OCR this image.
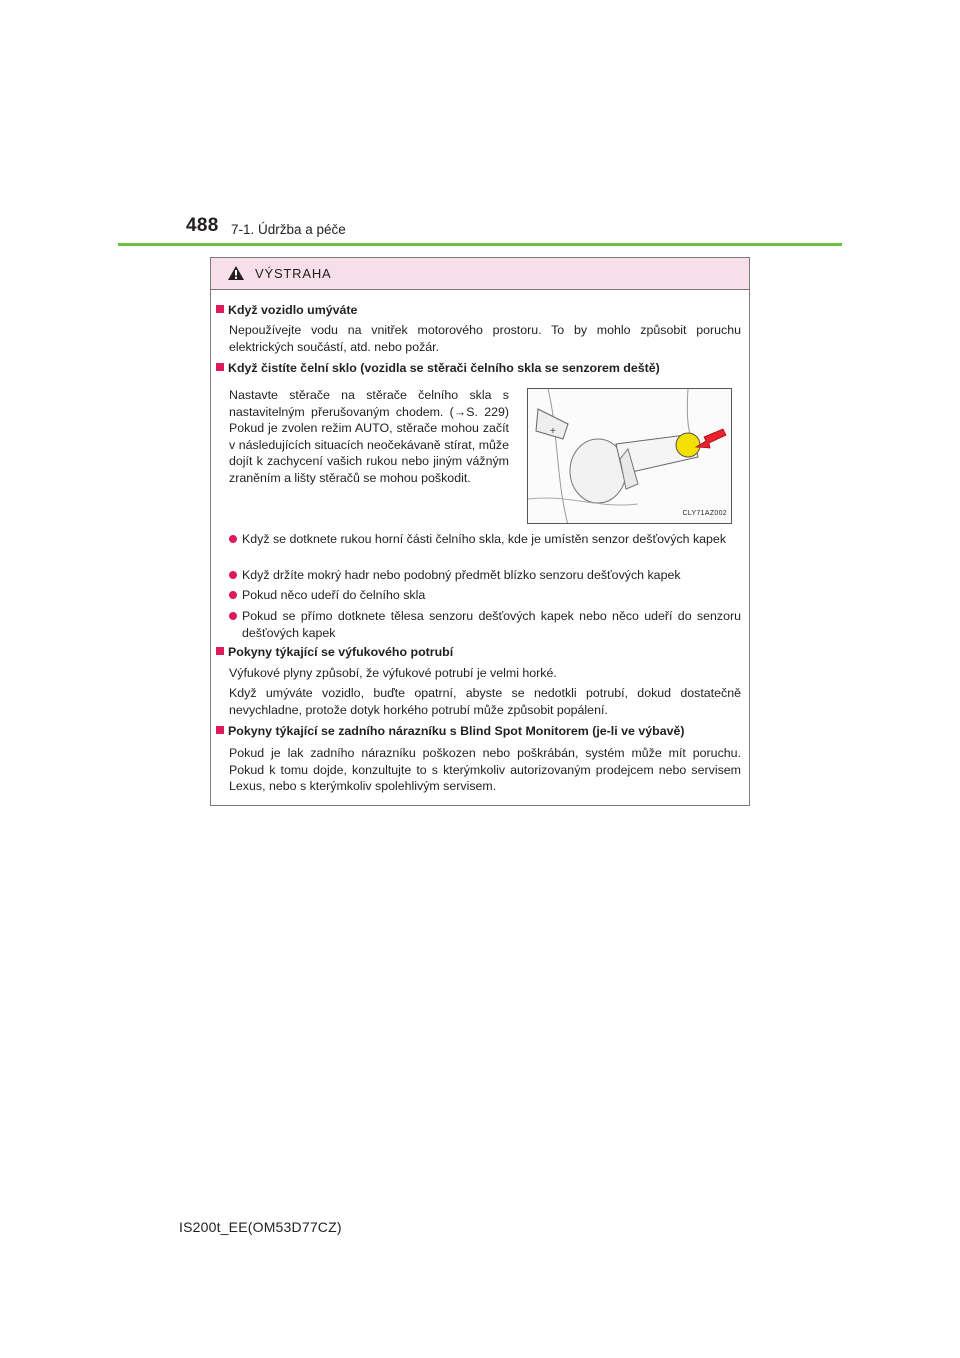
488 7-1. Údržba a péče
VÝSTRAHA
Když vozidlo umýváte
Nepoužívejte vodu na vnitřek motorového prostoru. To by mohlo způsobit poruchu elektrických součástí, atd. nebo požár.
Když čistíte čelní sklo (vozidla se stěrači čelního skla se senzorem deště)
Nastavte stěrače na stěrače čelního skla s nastavitelným přerušovaným chodem. (→S. 229) Pokud je zvolen režim AUTO, stěrače mohou začít v následujících situacích neočekávaně stírat, může dojít k zachycení vašich rukou nebo jiným vážným zraněním a lišty stěračů se mohou poškodit.
+
CLY71AZ002
Když se dotknete rukou horní části čelního skla, kde je umístěn senzor dešťových kapek
Když držíte mokrý hadr nebo podobný předmět blízko senzoru dešťových kapek
Pokud něco udeří do čelního skla
Pokud se přímo dotknete tělesa senzoru dešťových kapek nebo něco udeří do senzoru dešťových kapek
Pokyny týkající se výfukového potrubí
Výfukové plyny způsobí, že výfukové potrubí je velmi horké.
Když umýváte vozidlo, buďte opatrní, abyste se nedotkli potrubí, dokud dostatečně nevychladne, protože dotyk horkého potrubí může způsobit popálení.
Pokyny týkající se zadního nárazníku s Blind Spot Monitorem (je-li ve výbavě)
Pokud je lak zadního nárazníku poškozen nebo poškrábán, systém může mít poruchu. Pokud k tomu dojde, konzultujte to s kterýmkoliv autorizovaným prodejcem nebo servisem Lexus, nebo s kterýmkoliv spolehlivým servisem.
IS200t_EE(OM53D77CZ)
